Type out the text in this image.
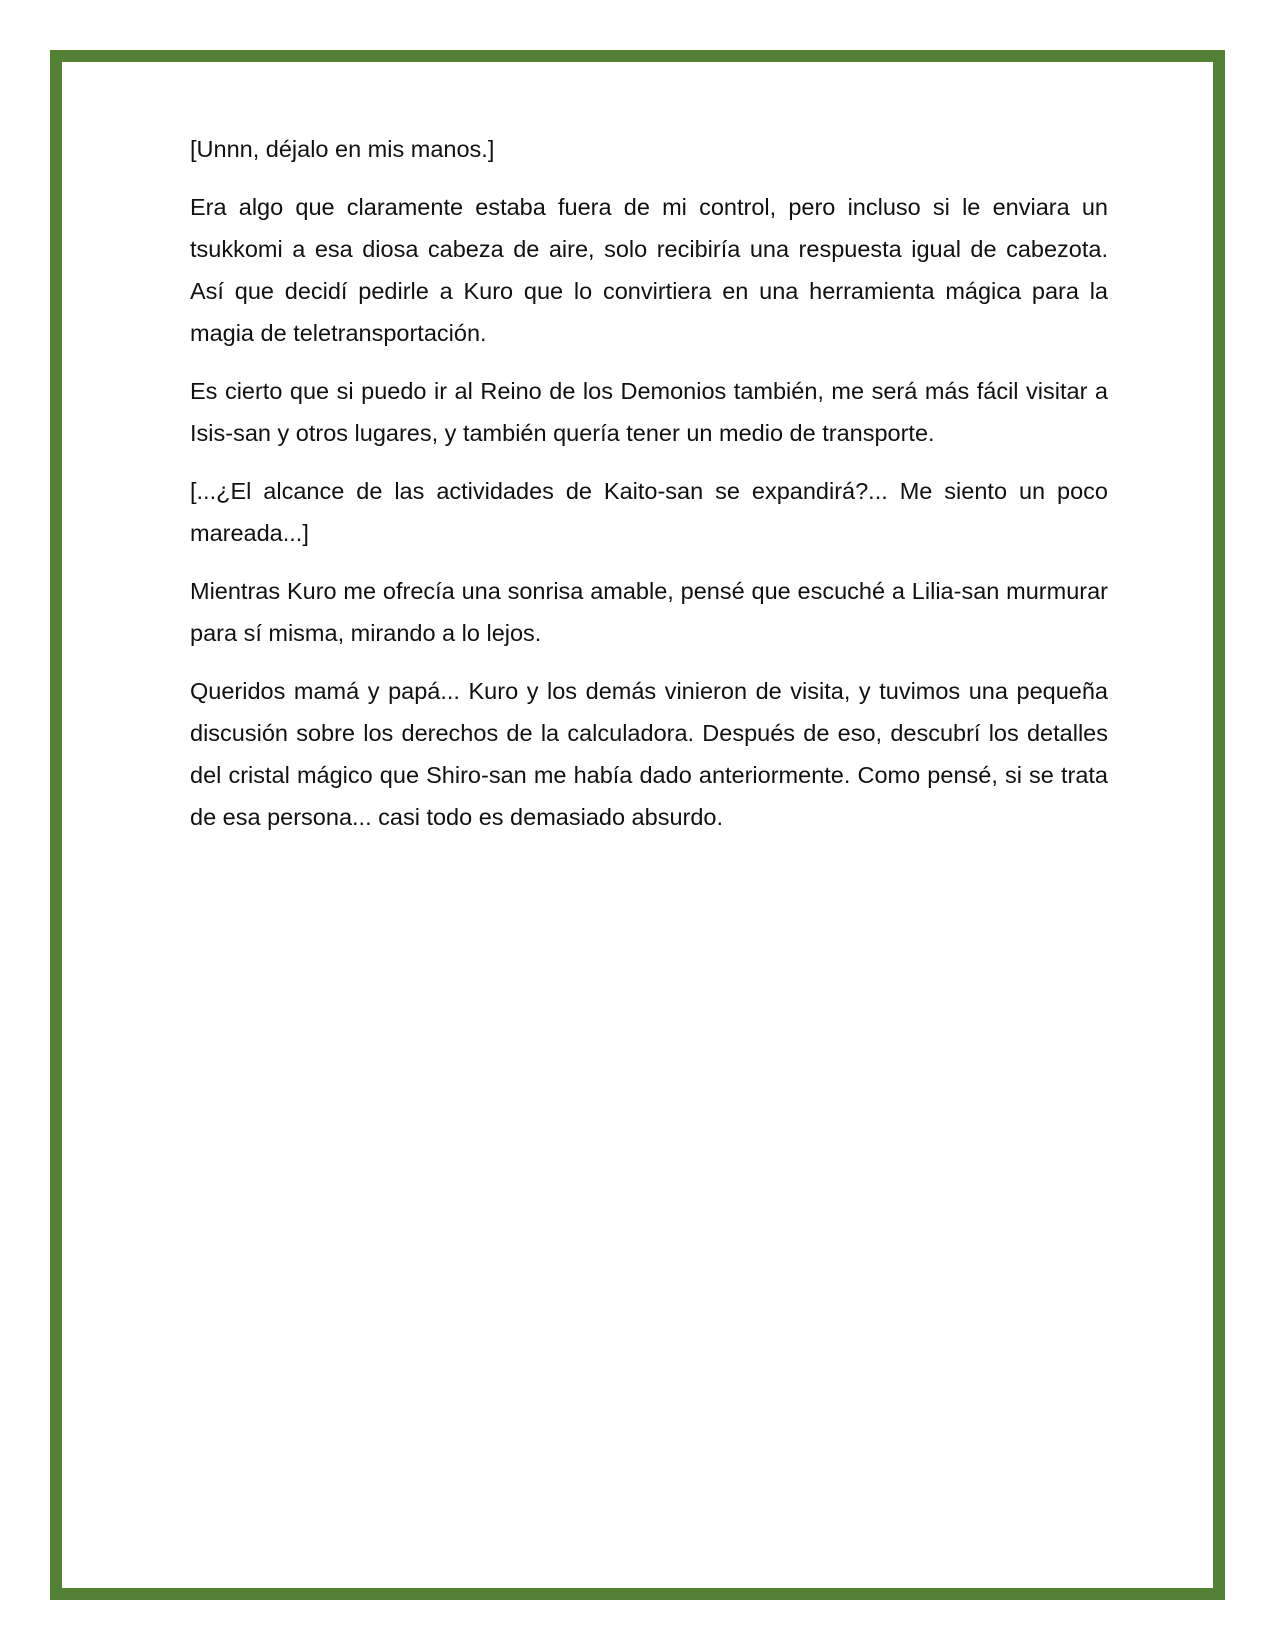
[Unnn, déjalo en mis manos.]

Era algo que claramente estaba fuera de mi control, pero incluso si le enviara un tsukkomi a esa diosa cabeza de aire, solo recibiría una respuesta igual de cabezota. Así que decidí pedirle a Kuro que lo convirtiera en una herramienta mágica para la magia de teletransportación.

Es cierto que si puedo ir al Reino de los Demonios también, me será más fácil visitar a Isis-san y otros lugares, y también quería tener un medio de transporte.

[...¿El alcance de las actividades de Kaito-san se expandirá?... Me siento un poco mareada...]

Mientras Kuro me ofrecía una sonrisa amable, pensé que escuché a Lilia-san murmurar para sí misma, mirando a lo lejos.

Queridos mamá y papá... Kuro y los demás vinieron de visita, y tuvimos una pequeña discusión sobre los derechos de la calculadora. Después de eso, descubrí los detalles del cristal mágico que Shiro-san me había dado anteriormente. Como pensé, si se trata de esa persona... casi todo es demasiado absurdo.
